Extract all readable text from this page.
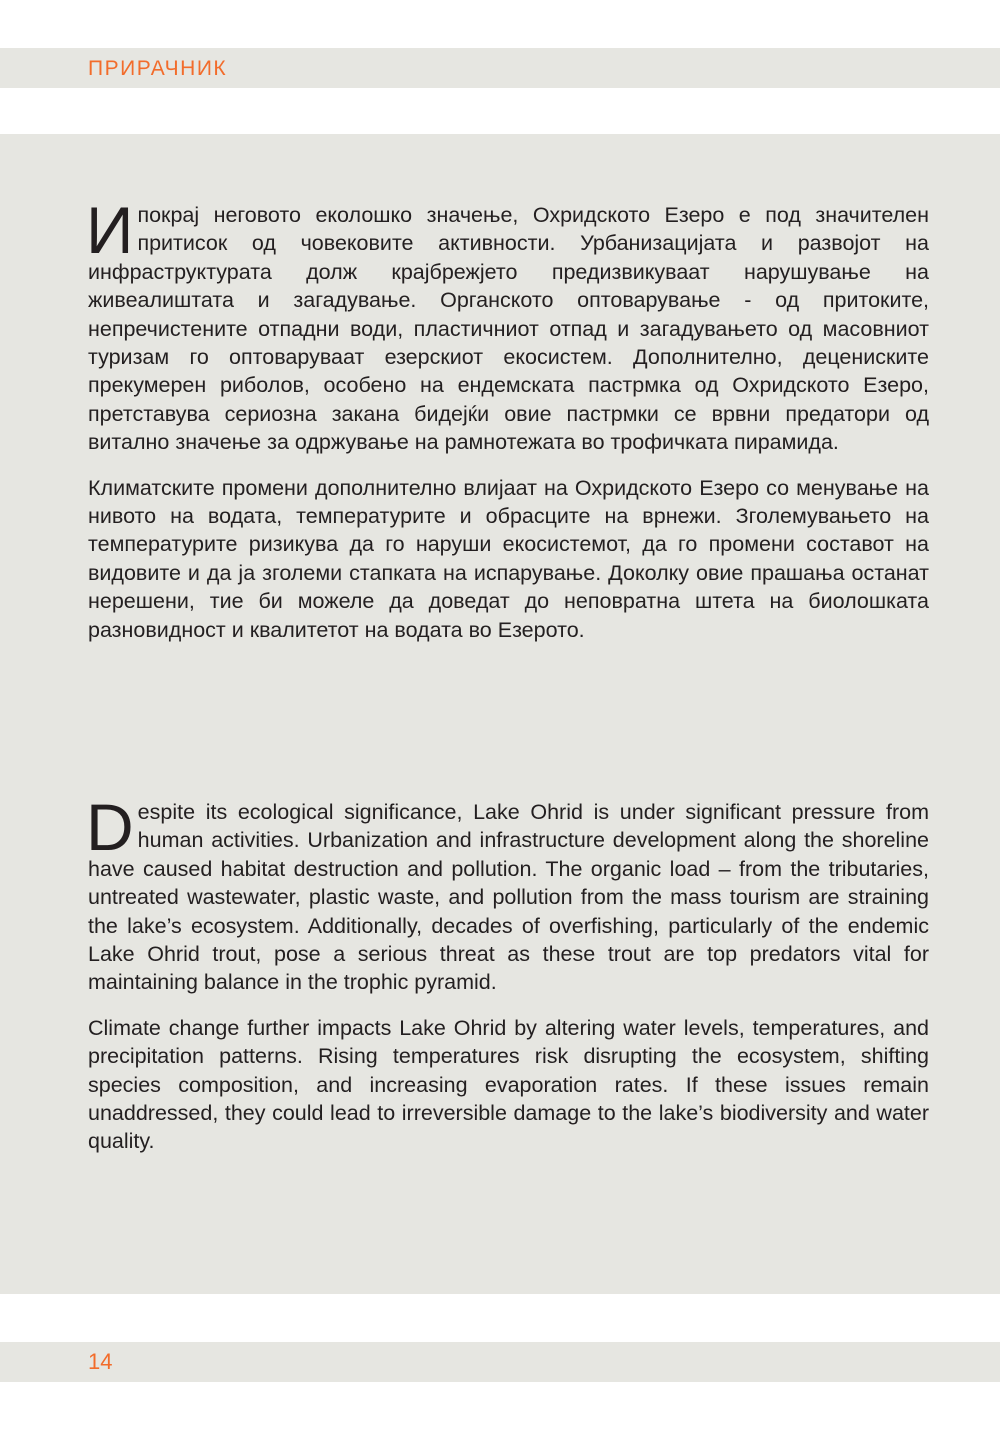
ПРИРАЧНИК

Ипокрај неговото еколошко значење, Охридското Езеро е под значителен притисок од човековите активности. Урбанизацијата и развојот на инфраструктурата долж крајбрежјето предизвикуваат нарушување на живеалиштата и загадување. Органското оптоварување - од притоките, непречистените отпадни води, пластичниот отпад и загадувањето од масовниот туризам го оптоваруваат езерскиот екосистем. Дополнително, децениските прекумерен риболов, особено на ендемската пастрмка од Охридското Езеро, претставува сериозна закана бидејќи овие пастрмки се врвни предатори од витално значење за одржување на рамнотежата во трофичката пирамида.

Климатските промени дополнително влијаат на Охридското Езеро со менување на нивото на водата, температурите и обрасците на врнежи. Зголемувањето на температурите ризикува да го наруши екосистемот, да го промени составот на видовите и да ја зголеми стапката на испарување. Доколку овие прашања останат нерешени, тие би можеле да доведат до неповратна штета на биолошката разновидност и квалитетот на водата во Езерото.

Despite its ecological significance, Lake Ohrid is under significant pressure from human activities. Urbanization and infrastructure development along the shoreline have caused habitat destruction and pollution. The organic load – from the tributaries, untreated wastewater, plastic waste, and pollution from the mass tourism are straining the lake’s ecosystem. Additionally, decades of overfishing, particularly of the endemic Lake Ohrid trout, pose a serious threat as these trout are top predators vital for maintaining balance in the trophic pyramid.

Climate change further impacts Lake Ohrid by altering water levels, temperatures, and precipitation patterns. Rising temperatures risk disrupting the ecosystem, shifting species composition, and increasing evaporation rates. If these issues remain unaddressed, they could lead to irreversible damage to the lake’s biodiversity and water quality.

14
